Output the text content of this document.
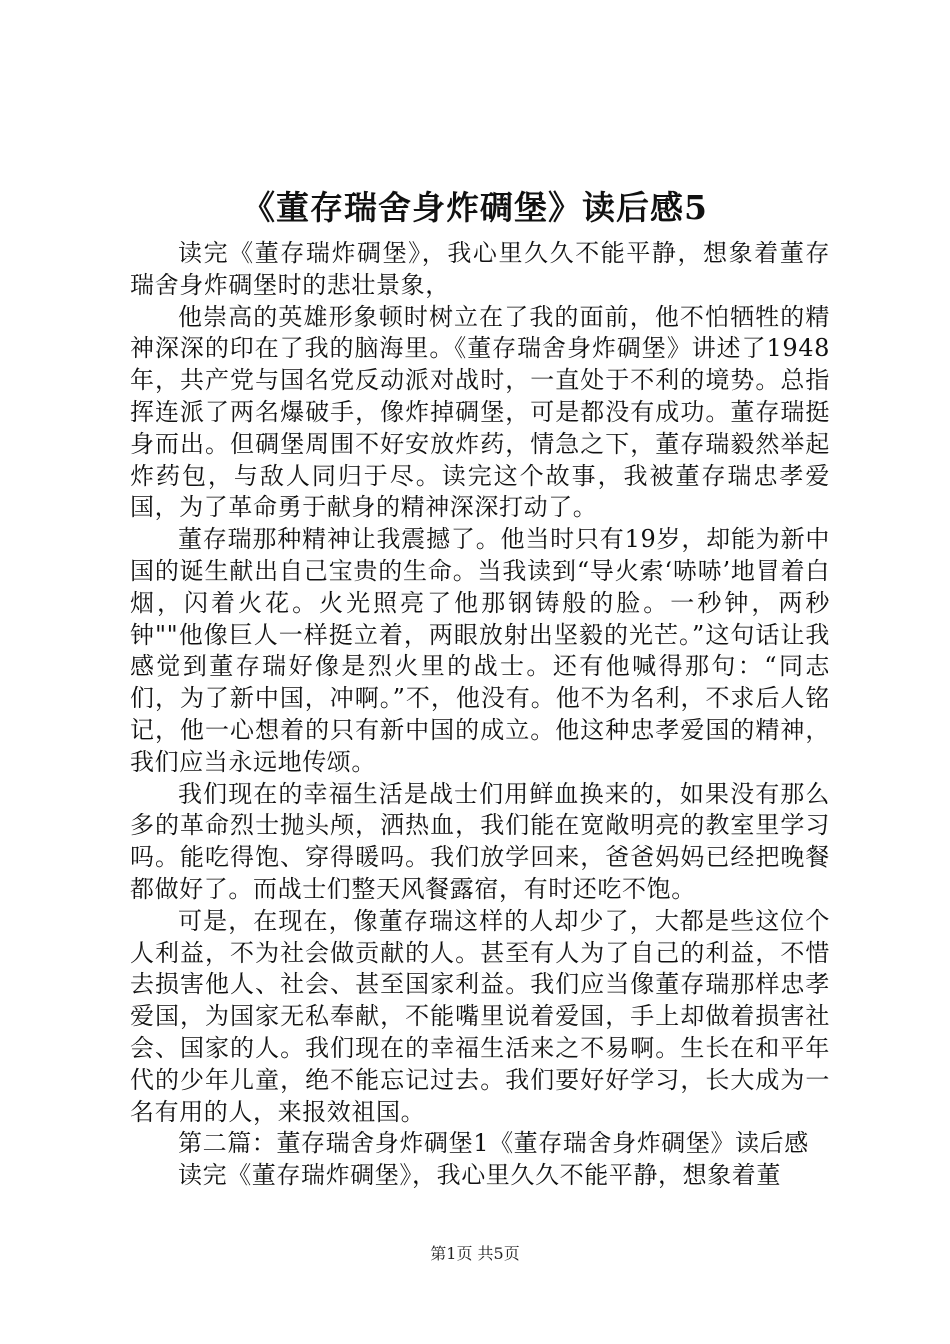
《董存瑞舍身炸碉堡》读后感5

读完《董存瑞炸碉堡》，我心里久久不能平静，想象着董存瑞舍身炸碉堡时的悲壮景象，

他崇高的英雄形象顿时树立在了我的面前，他不怕牺牲的精神深深的印在了我的脑海里。《董存瑞舍身炸碉堡》讲述了1948年，共产党与国名党反动派对战时，一直处于不利的境势。总指挥连派了两名爆破手，像炸掉碉堡，可是都没有成功。董存瑞挺身而出。但碉堡周围不好安放炸药，情急之下，董存瑞毅然举起炸药包，与敌人同归于尽。读完这个故事，我被董存瑞忠孝爱国，为了革命勇于献身的精神深深打动了。

董存瑞那种精神让我震撼了。他当时只有19岁，却能为新中国的诞生献出自己宝贵的生命。当我读到“导火索‘哧哧’地冒着白烟，闪着火花。火光照亮了他那钢铸般的脸。一秒钟，两秒钟""他像巨人一样挺立着，两眼放射出坚毅的光芒。”这句话让我感觉到董存瑞好像是烈火里的战士。还有他喊得那句：“同志们，为了新中国，冲啊。”不，他没有。他不为名利，不求后人铭记，他一心想着的只有新中国的成立。他这种忠孝爱国的精神，我们应当永远地传颂。

我们现在的幸福生活是战士们用鲜血换来的，如果没有那么多的革命烈士抛头颅，洒热血，我们能在宽敞明亮的教室里学习吗。能吃得饱、穿得暖吗。我们放学回来，爸爸妈妈已经把晚餐都做好了。而战士们整天风餐露宿，有时还吃不饱。

可是，在现在，像董存瑞这样的人却少了，大都是些这位个人利益，不为社会做贡献的人。甚至有人为了自己的利益，不惜去损害他人、社会、甚至国家利益。我们应当像董存瑞那样忠孝爱国，为国家无私奉献，不能嘴里说着爱国，手上却做着损害社会、国家的人。我们现在的幸福生活来之不易啊。生长在和平年代的少年儿童，绝不能忘记过去。我们要好好学习，长大成为一名有用的人，来报效祖国。

第二篇：董存瑞舍身炸碉堡1《董存瑞舍身炸碉堡》读后感

读完《董存瑞炸碉堡》，我心里久久不能平静，想象着董

第1页 共5页
